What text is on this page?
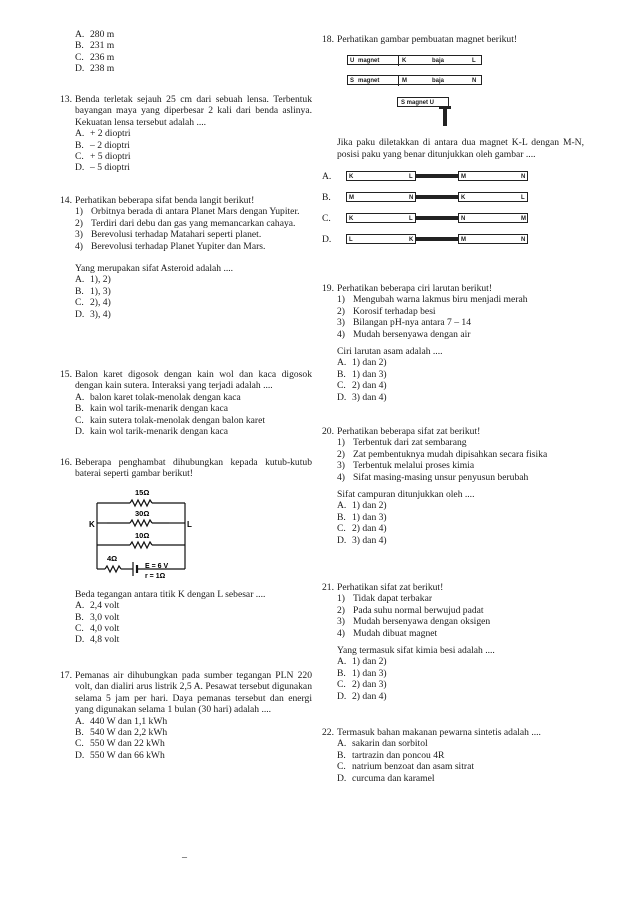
A. 280 m
B. 231 m
C. 236 m
D. 238 m
13. Benda terletak sejauh 25 cm dari sebuah lensa. Terbentuk bayangan maya yang diperbesar 2 kali dari benda aslinya. Kekuatan lensa tersebut adalah ....

A. + 2 dioptri
B. – 2 dioptri
C. + 5 dioptri
D. – 5 dioptri
14. Perhatikan beberapa sifat benda langit berikut!

1) Orbitnya berada di antara Planet Mars dengan Yupiter.
2) Terdiri dari debu dan gas yang memancarkan cahaya.
3) Berevolusi terhadap Matahari seperti planet.
4) Berevolusi terhadap Planet Yupiter dan Mars.

Yang merupakan sifat Asteroid adalah ....

A. 1), 2)
B. 1), 3)
C. 2), 4)
D. 3), 4)
15. Balon karet digosok dengan kain wol dan kaca digosok dengan kain sutera. Interaksi yang terjadi adalah ....

A. balon karet tolak-menolak dengan kaca
B. kain wol tarik-menarik dengan kaca
C. kain sutera tolak-menolak dengan balon karet
D. kain wol tarik-menarik dengan kaca
16. Beberapa penghambat dihubungkan kepada kutub-kutub baterai seperti gambar berikut!

15Ω
30Ω
10Ω
4Ω
K	L
E = 6 V
r = 1Ω

Beda tegangan antara titik K dengan L sebesar ....

A. 2,4 volt
B. 3,0 volt
C. 4,0 volt
D. 4,8 volt
17. Pemanas air dihubungkan pada sumber tegangan PLN 220 volt, dan dialiri arus listrik 2,5 A. Pesawat tersebut digunakan selama 5 jam per hari. Daya pemanas tersebut dan energi yang digunakan selama 1 bulan (30 hari) adalah ....

A. 440 W dan 1,1 kWh
B. 540 W dan 2,2 kWh
C. 550 W dan 22 kWh
D. 550 W dan 66 kWh
18. Perhatikan gambar pembuatan magnet berikut!

U magnet	K	baja	L
S magnet	M	baja	N
S magnet U

Jika paku diletakkan di antara dua magnet K-L dengan M-N, posisi paku yang benar ditunjukkan oleh gambar ....

A.	K	L	M	N
B.	M	N	K	L
C.	K	L	N	M
D.	L	K	M	N
19. Perhatikan beberapa ciri larutan berikut!

1) Mengubah warna lakmus biru menjadi merah
2) Korosif terhadap besi
3) Bilangan pH-nya antara 7 – 14
4) Mudah bersenyawa dengan air

Ciri larutan asam adalah ....

A. 1) dan 2)
B. 1) dan 3)
C. 2) dan 4)
D. 3) dan 4)
20. Perhatikan beberapa sifat zat berikut!

1) Terbentuk dari zat sembarang
2) Zat pembentuknya mudah dipisahkan secara fisika
3) Terbentuk melalui proses kimia
4) Sifat masing-masing unsur penyusun berubah

Sifat campuran ditunjukkan oleh ....

A. 1) dan 2)
B. 1) dan 3)
C. 2) dan 4)
D. 3) dan 4)
21. Perhatikan sifat zat berikut!

1) Tidak dapat terbakar
2) Pada suhu normal berwujud padat
3) Mudah bersenyawa dengan oksigen
4) Mudah dibuat magnet

Yang termasuk sifat kimia besi adalah ....

A. 1) dan 2)
B. 1) dan 3)
C. 2) dan 3)
D. 2) dan 4)
22. Termasuk bahan makanan pewarna sintetis adalah ....

A. sakarin dan sorbitol
B. tartrazin dan poncou 4R
C. natrium benzoat dan asam sitrat
D. curcuma dan karamel
–
